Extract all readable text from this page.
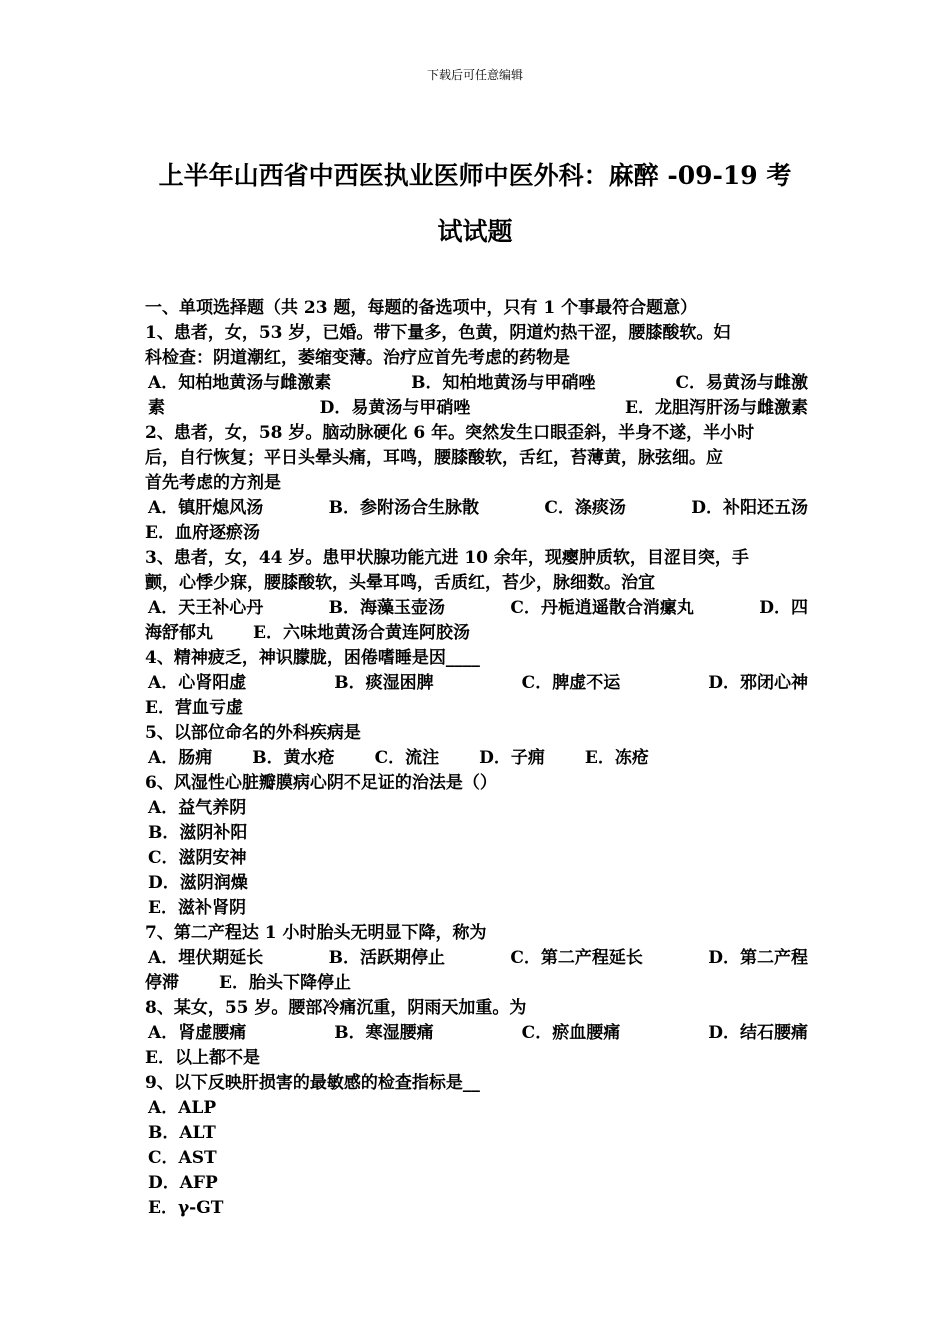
下载后可任意编辑
上半年山西省中西医执业医师中医外科：麻醉 -09-19 考试试题
一、单项选择题（共 23 题，每题的备选项中，只有 1 个事最符合题意）
1、患者，女，53 岁，已婚。带下量多，色黄，阴道灼热干涩，腰膝酸软。妇
科检查：阴道潮红，萎缩变薄。治疗应首先考虑的药物是
A．知柏地黄汤与雌激素	B．知柏地黄汤与甲硝唑	C．易黄汤与雌激
素	D．易黄汤与甲硝唑	E．龙胆泻肝汤与雌激素
2、患者，女，58 岁。脑动脉硬化 6 年。突然发生口眼歪斜，半身不遂，半小时
后，自行恢复；平日头晕头痛，耳鸣，腰膝酸软，舌红，苔薄黄，脉弦细。应
首先考虑的方剂是
A．镇肝熄风汤	B．参附汤合生脉散	C．涤痰汤	D．补阳还五汤
E．血府逐瘀汤
3、患者，女，44 岁。患甲状腺功能亢进 10 余年，现瘿肿质软，目涩目突，手
颤，心悸少寐，腰膝酸软，头晕耳鸣，舌质红，苔少，脉细数。治宜
A．天王补心丹	B．海藻玉壶汤	C．丹栀逍遥散合消瘰丸	D．四
海舒郁丸 E．六味地黄汤合黄连阿胶汤
4、精神疲乏，神识朦胧，困倦嗜睡是因____
A．心肾阳虚	B．痰湿困脾	C．脾虚不运	D．邪闭心神
E．营血亏虚
5、以部位命名的外科疾病是
A．肠痈 B．黄水疮 C．流注 D．子痈 E．冻疮
6、风湿性心脏瓣膜病心阴不足证的治法是（）
A．益气养阴
B．滋阴补阳
C．滋阴安神
D．滋阴润燥
E．滋补肾阴
7、第二产程达 1 小时胎头无明显下降，称为
A．埋伏期延长	B．活跃期停止	C．第二产程延长	D．第二产程
停滞 E．胎头下降停止
8、某女，55 岁。腰部冷痛沉重，阴雨天加重。为
A．肾虚腰痛	B．寒湿腰痛	C．瘀血腰痛	D．结石腰痛
E．以上都不是
9、以下反映肝损害的最敏感的检查指标是__
A．ALP
B．ALT
C．AST
D．AFP
E．γ-GT
